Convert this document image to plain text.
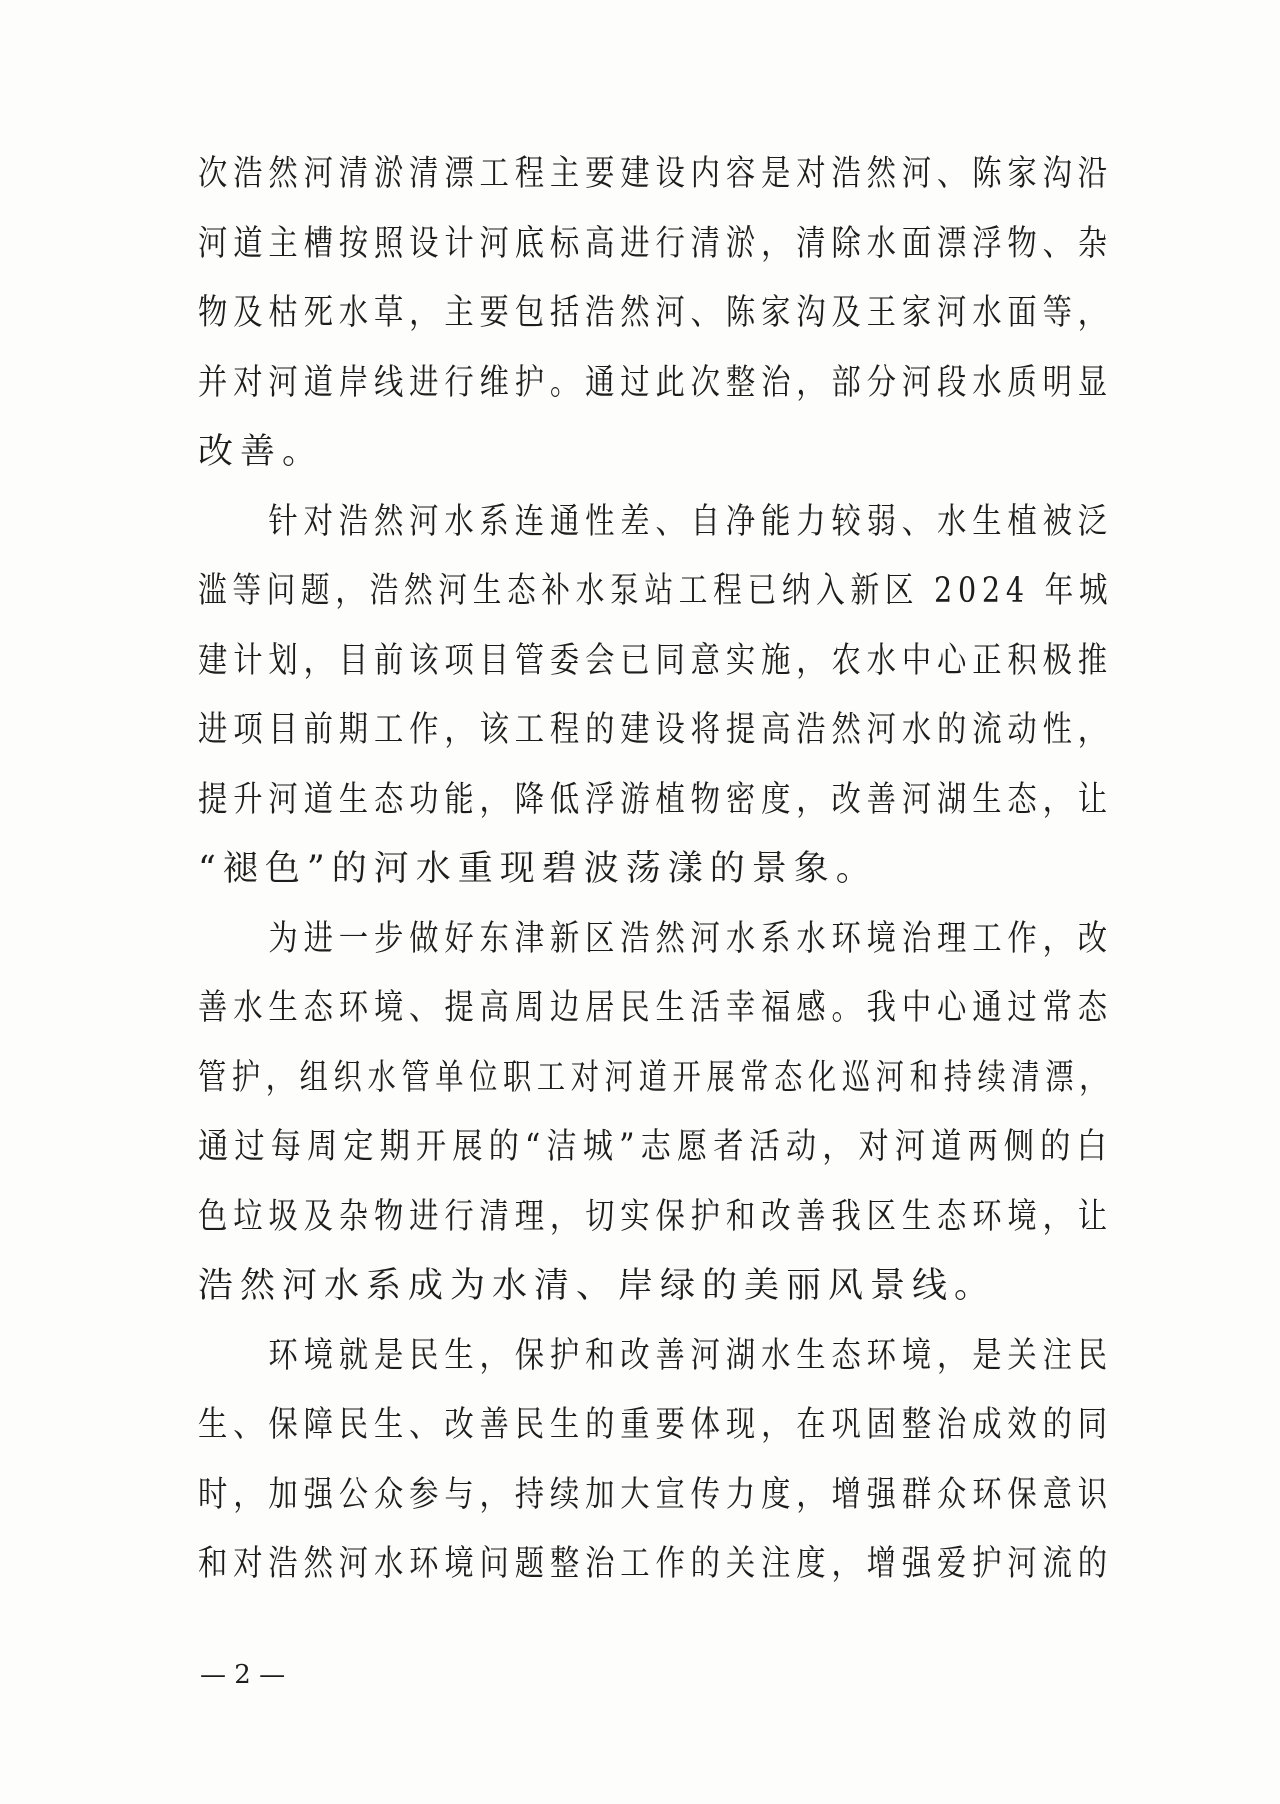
次浩然河清淤清漂工程主要建设内容是对浩然河、陈家沟沿
河道主槽按照设计河底标高进行清淤，清除水面漂浮物、杂
物及枯死水草，主要包括浩然河、陈家沟及王家河水面等，
并对河道岸线进行维护。通过此次整治，部分河段水质明显
改善。
　　针对浩然河水系连通性差、自净能力较弱、水生植被泛
滥等问题，浩然河生态补水泵站工程已纳入新区 2024 年城
建计划，目前该项目管委会已同意实施，农水中心正积极推
进项目前期工作，该工程的建设将提高浩然河水的流动性，
提升河道生态功能，降低浮游植物密度，改善河湖生态，让
“褪色”的河水重现碧波荡漾的景象。
　　为进一步做好东津新区浩然河水系水环境治理工作，改
善水生态环境、提高周边居民生活幸福感。我中心通过常态
管护，组织水管单位职工对河道开展常态化巡河和持续清漂，
通过每周定期开展的“洁城”志愿者活动，对河道两侧的白
色垃圾及杂物进行清理，切实保护和改善我区生态环境，让
浩然河水系成为水清、岸绿的美丽风景线。
　　环境就是民生，保护和改善河湖水生态环境，是关注民
生、保障民生、改善民生的重要体现，在巩固整治成效的同
时，加强公众参与，持续加大宣传力度，增强群众环保意识
和对浩然河水环境问题整治工作的关注度，增强爱护河流的
— 2 —
